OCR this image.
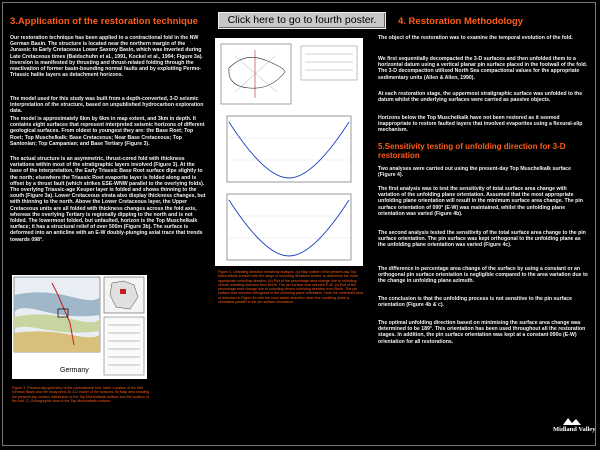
Click here to go to fourth poster.
3.Application of the restoration technique

Our restoration technique has been applied to a contractional fold in the NW German Basin. The structure is located near the northern margin of the Jurassic to Early Cretaceous Lower Saxony Basin, which was inverted during Late Cretaceous times (Baldschuhn et al., 1991, Kockel et al., 1994; Figure 3a). Inversion is manifested by thrusting and thrust-related folding through the reactivation of former basin-bounding normal faults and by exploiting Permo-Triassic halite layers as detachment horizons.

The model used for this study was built from a depth-converted, 3-D seismic interpretation of the structure, based on unpublished hydrocarbon exploration data.

The model is approximately 6km by 6km in map extent, and 3km in depth. It contains eight surfaces that represent interpreted seismic horizons of different geological surfaces. From oldest to youngest they are: the Base Roet; Top Roet; Top Muschelkalk; Base Cretaceous; Near Base Cretaceous; Top Santonian; Top Campanian; and Base Tertiary (Figure 3).

The actual structure is an asymmetric, thrust-cored fold with thickness variations within most of the stratigraphic layers involved (Figure 3). At the base of the interpretation, the Early Triassic Base Roet surface dips slightly to the north; elsewhere the Triassic Roet evaporite layer is folded along and is offset by a thrust fault (which strikes ESE-WNW parallel to the overlying folds). The overlying Triassic-age Keuper layer is folded and shows thinning to the south (Figure 3a). Lower Cretaceous strata also display thickness changes, but with thinning to the north. Above the Lower Cretaceous layer, the Upper Cretaceous units are all folded with thickness changes across the fold axis, whereas the overlying Tertiary is regionally dipping to the north and is not folded. The lowermost folded, but unfaulted, horizon is the Top Muschelkalk surface; it has a structural relief of over 500m (Figure 3b). The surface is deformed into an anticline with an E-W doubly-plunging axial trace that trends towards 098°.

Germany

Figure 3. Present-day geometry of the contractional fold. Inset: Location of the NW German Basin and the study area. A) 3-D model of the horizons. B) Map view showing the present-day contour distribution of the Top Muschelkalk surface and the location of the fold. C) Orthographic view of the Top Muschelkalk surface.

Figure 4. Unfolding direction sensitivity analysis. (a) Map outline of the present-day Top Muschelkalk surface with the range of unfolding directions tested, to determine the most appropriate unfolding direction. (b) Plot of the percentage area change due to unfolding versus unfolding direction from North. The pin surface was oriented E-W. (c) Plot of the percentage area change due to unfolding versus unfolding direction from North. The pin surface was oriented orthogonal to the unfolding plane orientation. Note the minimised area of distortion in Figure 4b with the most stable distortion when the unfolding plane is orientated parallel to the pin surface orientation.

4. Restoration Methodology

The object of the restoration was to examine the temporal evolution of the fold.

We first sequentially decompacted the 3-D surfaces and then unfolded them to a horizontal datum using a vertical planar pin surface placed in the footwall of the fold. The 3-D decompaction utilised North Sea compactional values for the appropriate sedimentary units (Allen & Allen, 1990).

At each restoration stage, the uppermost stratigraphic surface was unfolded to the datum whilst the underlying surfaces were carried as passive objects.

Horizons below the Top Muschelkalk have not been restored as it seemed inappropriate to restore faulted layers that involved evaporites using a flexural-slip mechanism.

5.Sensitivity testing of unfolding direction for 3-D restoration

Two analyses were carried out using the present-day Top Muschelkalk surface (Figure 4).

The first analysis was to test the sensitivity of total surface area change with variation of the unfolding plane orientation. Assumed that the most appropriate unfolding plane orientation will result in the minimum surface area change. The pin surface orientation of 090° (E-W) was maintained, whilst the unfolding plane orientation was varied (Figure 4b).

The second analysis tested the sensitivity of the total surface area change to the pin surface orientation. The pin surface was kept orthogonal to the unfolding plane as the unfolding plane orientation was varied (Figure 4c).

The difference in percentage area change of the surface by using a constant or an orthogonal pin surface orientation is negligible compared to the area variation due to the change in unfolding plane azimuth.

The conclusion is that the unfolding process is not sensitive to the pin surface orientation (Figure 4b & c).

The optimal unfolding direction based on minimising the surface area change was determined to be 189°. This orientation has been used throughout all the restoration stages. In addition, the pin surface orientation was kept at a constant 090o (E-W) orientation for all restorations.

Midland Valley
